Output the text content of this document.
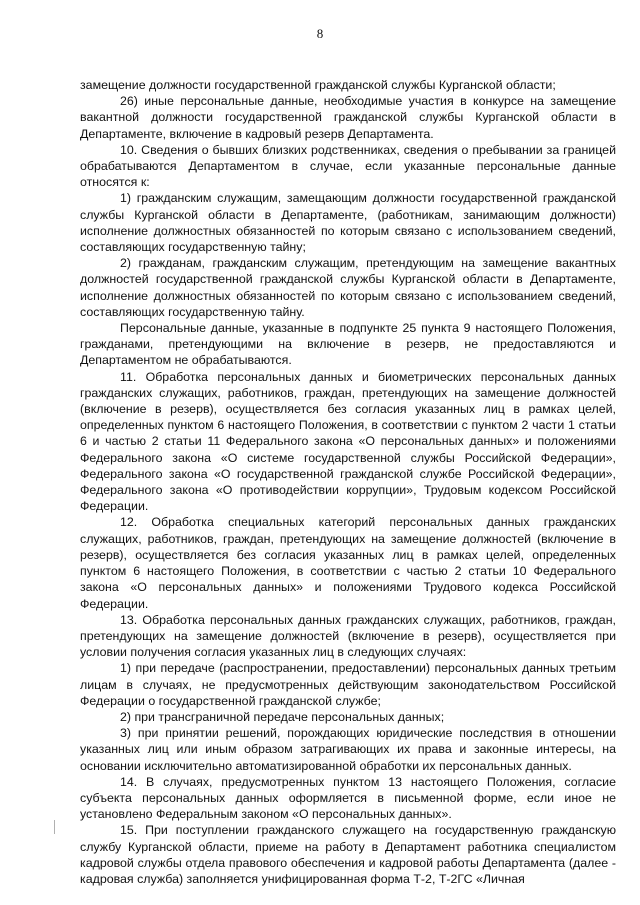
8

замещение должности государственной гражданской службы Курганской области;

26) иные персональные данные, необходимые участия в конкурсе на замещение вакантной должности государственной гражданской службы Курганской области в Департаменте, включение в кадровый резерв Департамента.

10. Сведения о бывших близких родственниках, сведения о пребывании за границей обрабатываются Департаментом в случае, если указанные персональные данные относятся к:

1) гражданским служащим, замещающим должности государственной гражданской службы Курганской области в Департаменте, (работникам, занимающим должности) исполнение должностных обязанностей по которым связано с использованием сведений, составляющих государственную тайну;

2) гражданам, гражданским служащим, претендующим на замещение вакантных должностей государственной гражданской службы Курганской области в Департаменте, исполнение должностных обязанностей по которым связано с использованием сведений, составляющих государственную тайну.

Персональные данные, указанные в подпункте 25 пункта 9 настоящего Положения, гражданами, претендующими на включение в резерв, не предоставляются и Департаментом не обрабатываются.

11. Обработка персональных данных и биометрических персональных данных гражданских служащих, работников, граждан, претендующих на замещение должностей (включение в резерв), осуществляется без согласия указанных лиц в рамках целей, определенных пунктом 6 настоящего Положения, в соответствии с пунктом 2 части 1 статьи 6 и частью 2 статьи 11 Федерального закона «О персональных данных» и положениями Федерального закона «О системе государственной службы Российской Федерации», Федерального закона «О государственной гражданской службе Российской Федерации», Федерального закона «О противодействии коррупции», Трудовым кодексом Российской Федерации.

12. Обработка специальных категорий персональных данных гражданских служащих, работников, граждан, претендующих на замещение должностей (включение в резерв), осуществляется без согласия указанных лиц в рамках целей, определенных пунктом 6 настоящего Положения, в соответствии с частью 2 статьи 10 Федерального закона «О персональных данных» и положениями Трудового кодекса Российской Федерации.

13. Обработка персональных данных гражданских служащих, работников, граждан, претендующих на замещение должностей (включение в резерв), осуществляется при условии получения согласия указанных лиц в следующих случаях:

1) при передаче (распространении, предоставлении) персональных данных третьим лицам в случаях, не предусмотренных действующим законодательством Российской Федерации о государственной гражданской службе;

2) при трансграничной передаче персональных данных;

3) при принятии решений, порождающих юридические последствия в отношении указанных лиц или иным образом затрагивающих их права и законные интересы, на основании исключительно автоматизированной обработки их персональных данных.

14. В случаях, предусмотренных пунктом 13 настоящего Положения, согласие субъекта персональных данных оформляется в письменной форме, если иное не установлено Федеральным законом «О персональных данных».

15. При поступлении гражданского служащего на государственную гражданскую службу Курганской области, приеме на работу в Департамент работника специалистом кадровой службы отдела правового обеспечения и кадровой работы Департамента (далее - кадровая служба) заполняется унифицированная форма Т-2, Т-2ГС «Личная
